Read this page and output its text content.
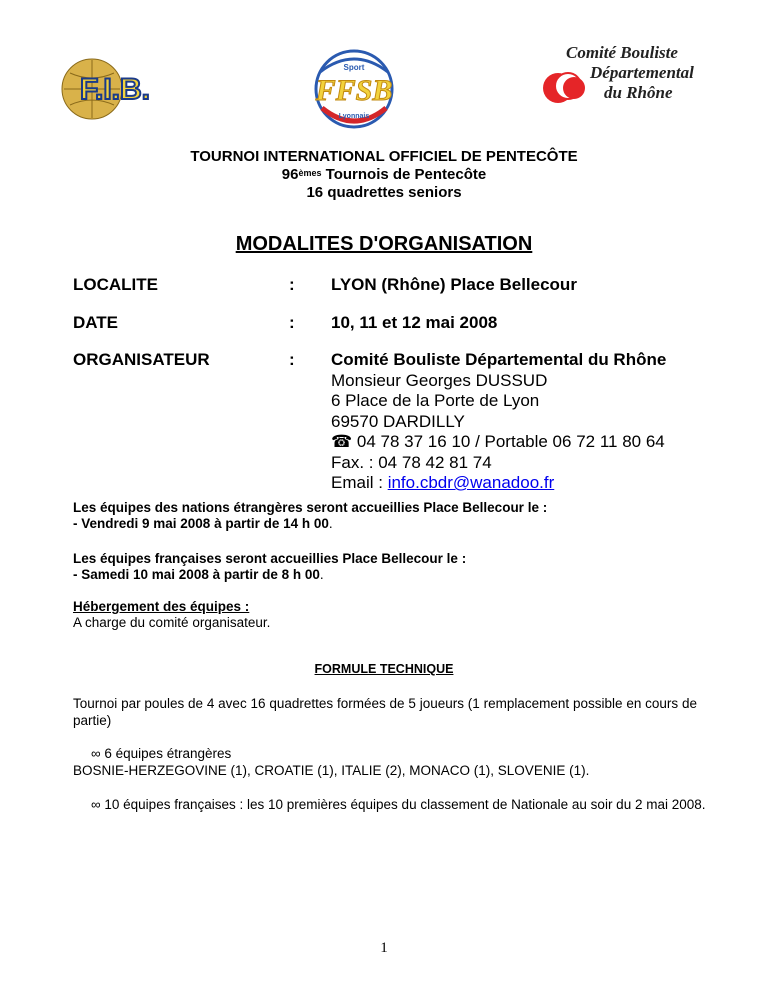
F.I.B.
Sport
FFSB
Lyonnais
Comité Bouliste
Départemental
du Rhône
TOURNOI INTERNATIONAL OFFICIEL DE PENTECÔTE
96èmes Tournois de Pentecôte
16 quadrettes seniors
MODALITES D'ORGANISATION
LOCALITE	: LYON (Rhône) Place Bellecour
DATE	: 10, 11 et 12 mai 2008
ORGANISATEUR	: Comité Bouliste Départemental du Rhône
Monsieur Georges DUSSUD
6 Place de la Porte de Lyon
69570 DARDILLY
☎ 04 78 37 16 10 / Portable 06 72 11 80 64
Fax. : 04 78 42 81 74
Email : info.cbdr@wanadoo.fr
Les équipes des nations étrangères seront accueillies Place Bellecour le :
- Vendredi 9 mai 2008 à partir de 14 h 00.
Les équipes françaises seront accueillies Place Bellecour le :
- Samedi 10 mai 2008 à partir de 8 h 00.
Hébergement des équipes :
A charge du comité organisateur.
FORMULE TECHNIQUE
Tournoi par poules de 4 avec 16 quadrettes formées de 5 joueurs (1 remplacement possible en cours de partie)
∞ 6 équipes étrangères
BOSNIE-HERZEGOVINE (1), CROATIE (1), ITALIE (2), MONACO (1), SLOVENIE (1).
∞ 10 équipes françaises : les 10 premières équipes du classement de Nationale au soir du 2 mai 2008.
1
